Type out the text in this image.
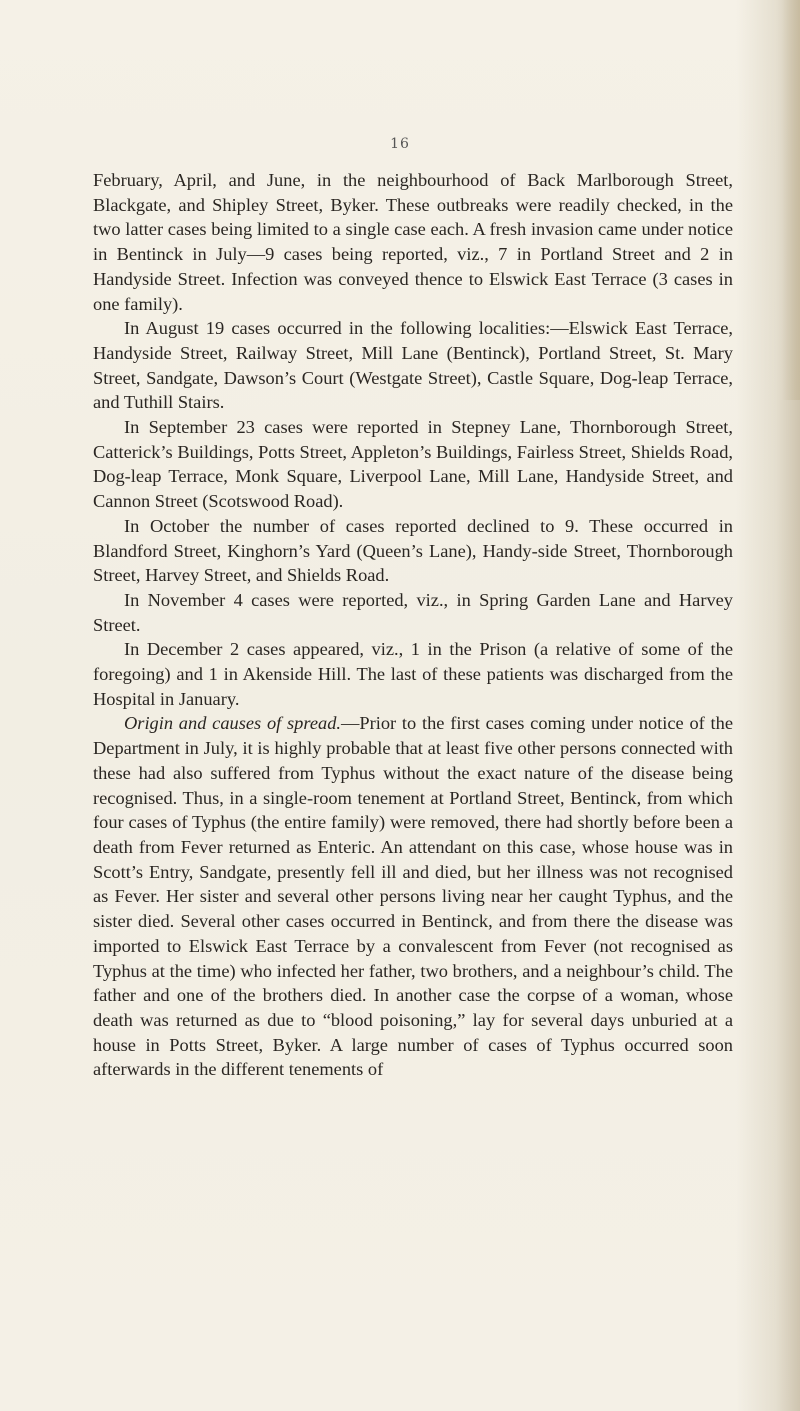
16

February, April, and June, in the neighbourhood of Back Marlborough Street, Blackgate, and Shipley Street, Byker. These outbreaks were readily checked, in the two latter cases being limited to a single case each. A fresh invasion came under notice in Bentinck in July—9 cases being reported, viz., 7 in Portland Street and 2 in Handyside Street. Infection was conveyed thence to Elswick East Terrace (3 cases in one family).

In August 19 cases occurred in the following localities:—Elswick East Terrace, Handyside Street, Railway Street, Mill Lane (Bentinck), Portland Street, St. Mary Street, Sandgate, Dawson’s Court (Westgate Street), Castle Square, Dog-leap Terrace, and Tuthill Stairs.

In September 23 cases were reported in Stepney Lane, Thornborough Street, Catterick’s Buildings, Potts Street, Appleton’s Buildings, Fairless Street, Shields Road, Dog-leap Terrace, Monk Square, Liverpool Lane, Mill Lane, Handyside Street, and Cannon Street (Scotswood Road).

In October the number of cases reported declined to 9. These occurred in Blandford Street, Kinghorn’s Yard (Queen’s Lane), Handy-side Street, Thornborough Street, Harvey Street, and Shields Road.

In November 4 cases were reported, viz., in Spring Garden Lane and Harvey Street.

In December 2 cases appeared, viz., 1 in the Prison (a relative of some of the foregoing) and 1 in Akenside Hill. The last of these patients was discharged from the Hospital in January.

Origin and causes of spread.—Prior to the first cases coming under notice of the Department in July, it is highly probable that at least five other persons connected with these had also suffered from Typhus without the exact nature of the disease being recognised. Thus, in a single-room tenement at Portland Street, Bentinck, from which four cases of Typhus (the entire family) were removed, there had shortly before been a death from Fever returned as Enteric. An attendant on this case, whose house was in Scott’s Entry, Sandgate, presently fell ill and died, but her illness was not recognised as Fever. Her sister and several other persons living near her caught Typhus, and the sister died. Several other cases occurred in Bentinck, and from there the disease was imported to Elswick East Terrace by a convalescent from Fever (not recognised as Typhus at the time) who infected her father, two brothers, and a neighbour’s child. The father and one of the brothers died. In another case the corpse of a woman, whose death was returned as due to “blood poisoning,” lay for several days unburied at a house in Potts Street, Byker. A large number of cases of Typhus occurred soon afterwards in the different tenements of
